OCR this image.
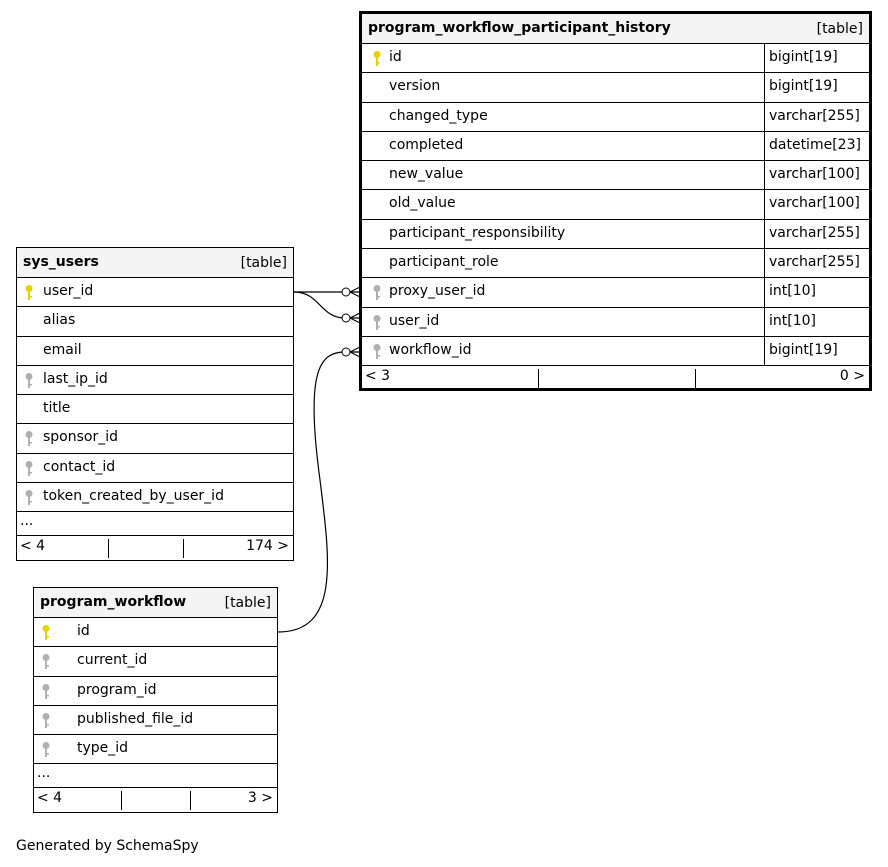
program_workflow_participant_history	[table]
id	bigint[19]
version	bigint[19]
changed_type	varchar[255]
completed	datetime[23]
new_value	varchar[100]
old_value	varchar[100]
participant_responsibility	varchar[255]
participant_role	varchar[255]
proxy_user_id	int[10]
user_id	int[10]
workflow_id	bigint[19]
< 3	0 >
sys_users	[table]
user_id
alias
email
last_ip_id
title
sponsor_id
contact_id
token_created_by_user_id
...
< 4	174 >
program_workflow	[table]
id
current_id
program_id
published_file_id
type_id
...
< 4	3 >
Generated by SchemaSpy
